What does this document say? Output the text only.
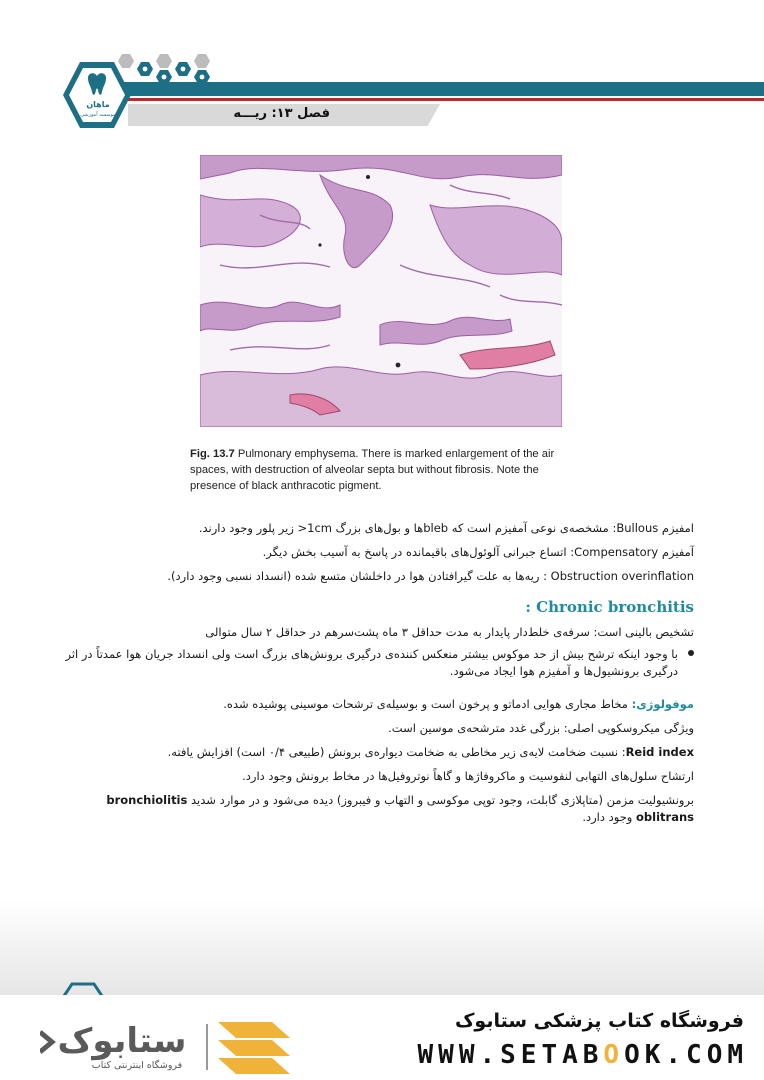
فصل ۱۳: ریـــه
ماهان
موسسه آموزشی
Fig. 13.7 Pulmonary emphysema. There is marked enlargement of the air spaces, with destruction of alveolar septa but without fibrosis. Note the presence of black anthracotic pigment.
امفیزم Bullous: مشخصه‌ی نوعی آمفیزم است که blebها و بول‌های بزرگ ‎>1cm‎ زیر پلور وجود دارند.
آمفیزم Compensatory: اتساع جبرانی آلوئول‌های باقیمانده در پاسخ به آسیب بخش دیگر.
Obstruction overinflation : ریه‌ها به علت گیرافتادن هوا در داخلشان متسع شده (انسداد نسبی وجود دارد).
Chronic bronchitis :
تشخیص بالینی است: سرفه‌ی خلط‌دار پایدار به مدت حداقل ۳ ماه پشت‌سرهم در حداقل ۲ سال متوالی
با وجود اینکه ترشح بیش از حد موکوس بیشتر منعکس کننده‌ی درگیری برونش‌های بزرگ است ولی انسداد جریان هوا عمدتاً در اثر درگیری برونشیول‌ها و آمفیزم هوا ایجاد می‌شود.
موفولوژی: مخاط مجاری هوایی ادماتو و پرخون است و بوسیله‌ی ترشحات موسینی پوشیده شده.
ویژگی میکروسکوپی اصلی: بزرگی غدد مترشحه‌ی موسین است.
Reid index: نسبت ضخامت لایه‌ی زیر مخاطی به ضخامت دیواره‌ی برونش (طبیعی ۰/۴ است) افزایش یافته.
ارتشاح سلول‌های التهابی لنفوسیت و ماکروفاژها و گاهاً نوتروفیل‌ها در مخاط برونش وجود دارد.
برونشیولیت مزمن (متاپلازی گابلت، وجود توپی موکوسی و التهاب و فیبروز) دیده می‌شود و در موارد شدید bronchiolitis oblitrans وجود دارد.
ستابوک
فروشگاه اینترنتی کتاب
فروشگاه کتاب پزشکی ستابوک
WWW.SETABOOK.COM
